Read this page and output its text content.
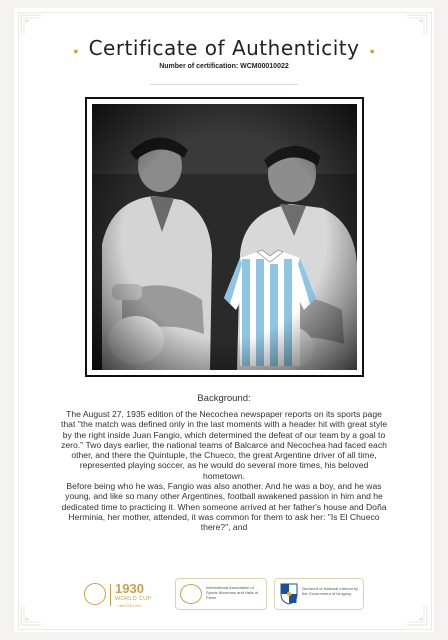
● Certificate of Authenticity ●
Number of certification: WCM00010022
Background:

The August 27, 1935 edition of the Necochea newspaper reports on its sports page that "the match was defined only in the last moments with a header hit with great style by the right inside Juan Fangio, which determined the defeat of our team by a goal to zero." Two days earlier, the national teams of Balcarce and Necochea had faced each other, and there the Quintuple, the Chueco, the great Argentine driver of all time, represented playing soccer, as he would do several more times, his beloved hometown.

Before being who he was, Fangio was also another. And he was a boy, and he was young, and like so many other Argentines, football awakened passion in him and he dedicated time to practicing it. When someone arrived at her father's house and Doña Herminia, her mother, attended, it was common for them to ask her: "Is El Chueco there?", and

1930
WORLD CUP
•MUSEUM•
International Association of Sports Museums and Halls of Fame
Declared of National Interest by the Government of Uruguay
